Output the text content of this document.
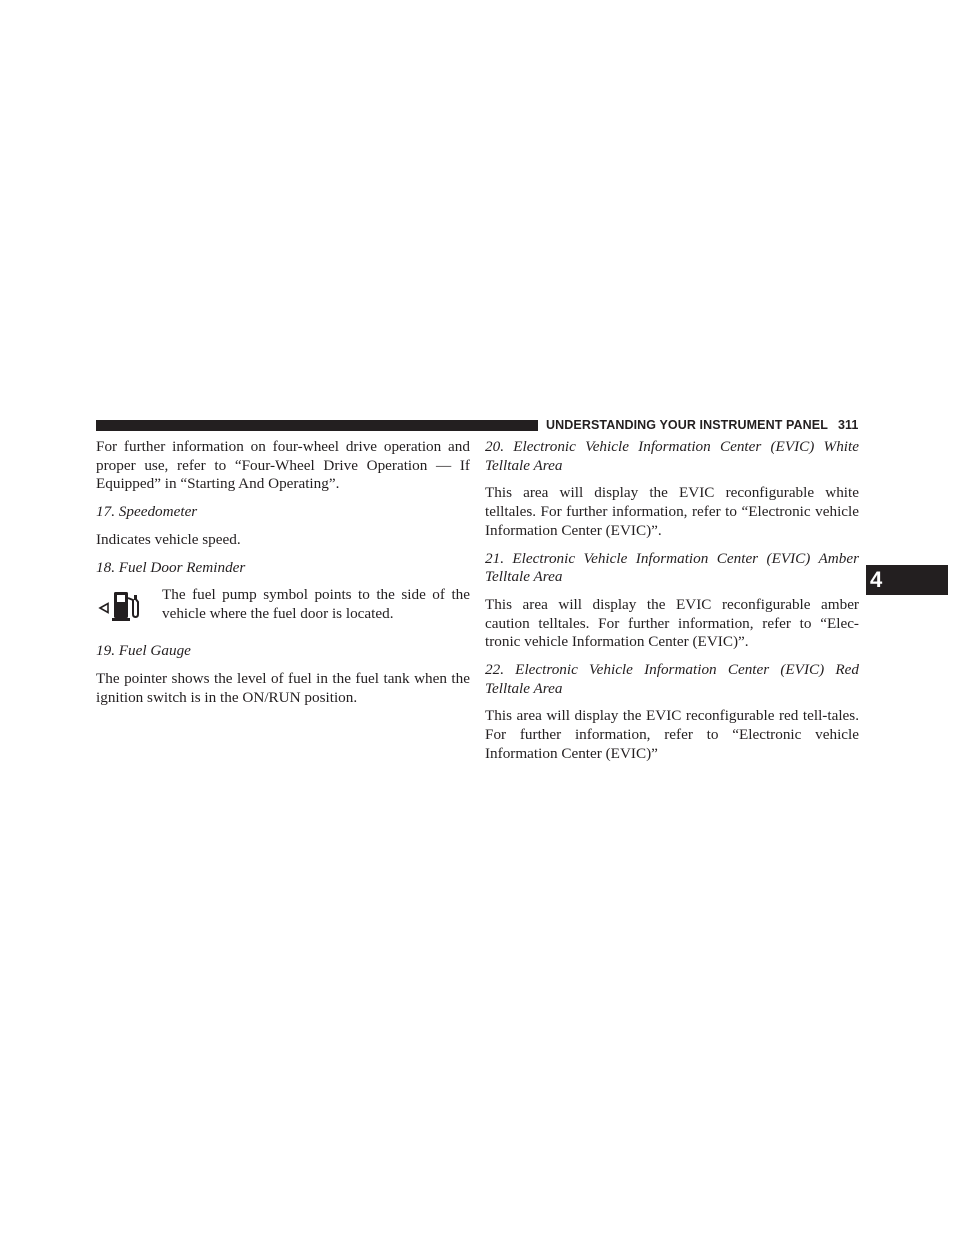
UNDERSTANDING YOUR INSTRUMENT PANEL 311
4

For further information on four-wheel drive operation and proper use, refer to “Four-Wheel Drive Operation — If Equipped” in “Starting And Operating”.

17. Speedometer

Indicates vehicle speed.

18. Fuel Door Reminder

The fuel pump symbol points to the side of the vehicle where the fuel door is located.

19. Fuel Gauge

The pointer shows the level of fuel in the fuel tank when the ignition switch is in the ON/RUN position.

20. Electronic Vehicle Information Center (EVIC) White Telltale Area

This area will display the EVIC reconfigurable white telltales. For further information, refer to “Electronic vehicle Information Center (EVIC)”.

21. Electronic Vehicle Information Center (EVIC) Amber Telltale Area

This area will display the EVIC reconfigurable amber caution telltales. For further information, refer to “Elec-tronic vehicle Information Center (EVIC)”.

22. Electronic Vehicle Information Center (EVIC) Red Telltale Area

This area will display the EVIC reconfigurable red tell-tales. For further information, refer to “Electronic vehicle Information Center (EVIC)”
